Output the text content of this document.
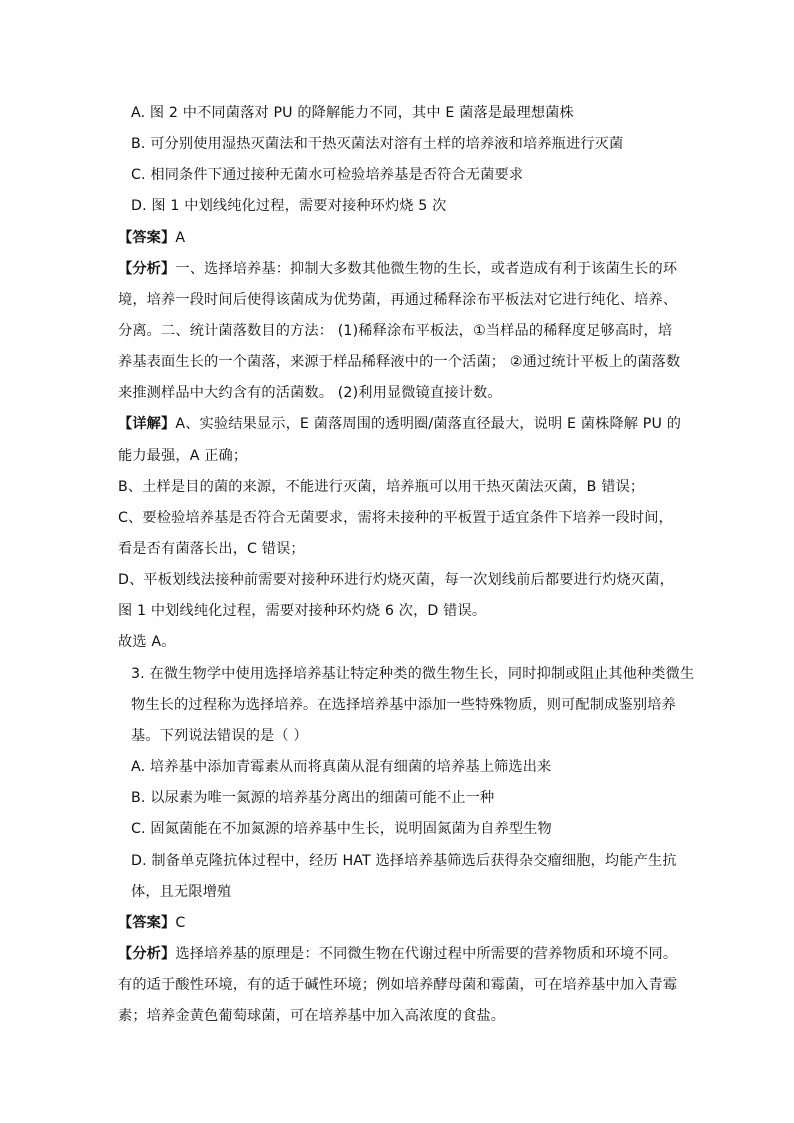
A. 图 2 中不同菌落对 PU 的降解能力不同，其中 E 菌落是最理想菌株
B. 可分别使用湿热灭菌法和干热灭菌法对溶有土样的培养液和培养瓶进行灭菌
C. 相同条件下通过接种无菌水可检验培养基是否符合无菌要求
D. 图 1 中划线纯化过程，需要对接种环灼烧 5 次
【答案】A
【分析】一、选择培养基：抑制大多数其他微生物的生长，或者造成有利于该菌生长的环
境，培养一段时间后使得该菌成为优势菌，再通过稀释涂布平板法对它进行纯化、培养、
分离。二、统计菌落数目的方法： (1)稀释涂布平板法，①当样品的稀释度足够高时，培
养基表面生长的一个菌落，来源于样品稀释液中的一个活菌； ②通过统计平板上的菌落数
来推测样品中大约含有的活菌数。 (2)利用显微镜直接计数。
【详解】A、实验结果显示，E 菌落周围的透明圈/菌落直径最大，说明 E 菌株降解 PU 的
能力最强，A 正确；
B、土样是目的菌的来源，不能进行灭菌，培养瓶可以用干热灭菌法灭菌，B 错误；
C、要检验培养基是否符合无菌要求，需将未接种的平板置于适宜条件下培养一段时间，
看是否有菌落长出，C 错误；
D、平板划线法接种前需要对接种环进行灼烧灭菌，每一次划线前后都要进行灼烧灭菌，
图 1 中划线纯化过程，需要对接种环灼烧 6 次，D 错误。
故选 A。
3. 在微生物学中使用选择培养基让特定种类的微生物生长，同时抑制或阻止其他种类微生
物生长的过程称为选择培养。在选择培养基中添加一些特殊物质，则可配制成鉴别培养
基。下列说法错误的是（ ）
A. 培养基中添加青霉素从而将真菌从混有细菌的培养基上筛选出来
B. 以尿素为唯一氮源的培养基分离出的细菌可能不止一种
C. 固氮菌能在不加氮源的培养基中生长，说明固氮菌为自养型生物
D. 制备单克隆抗体过程中，经历 HAT 选择培养基筛选后获得杂交瘤细胞，均能产生抗
体，且无限增殖
【答案】C
【分析】选择培养基的原理是：不同微生物在代谢过程中所需要的营养物质和环境不同。
有的适于酸性环境，有的适于碱性环境；例如培养酵母菌和霉菌，可在培养基中加入青霉
素；培养金黄色葡萄球菌，可在培养基中加入高浓度的食盐。
